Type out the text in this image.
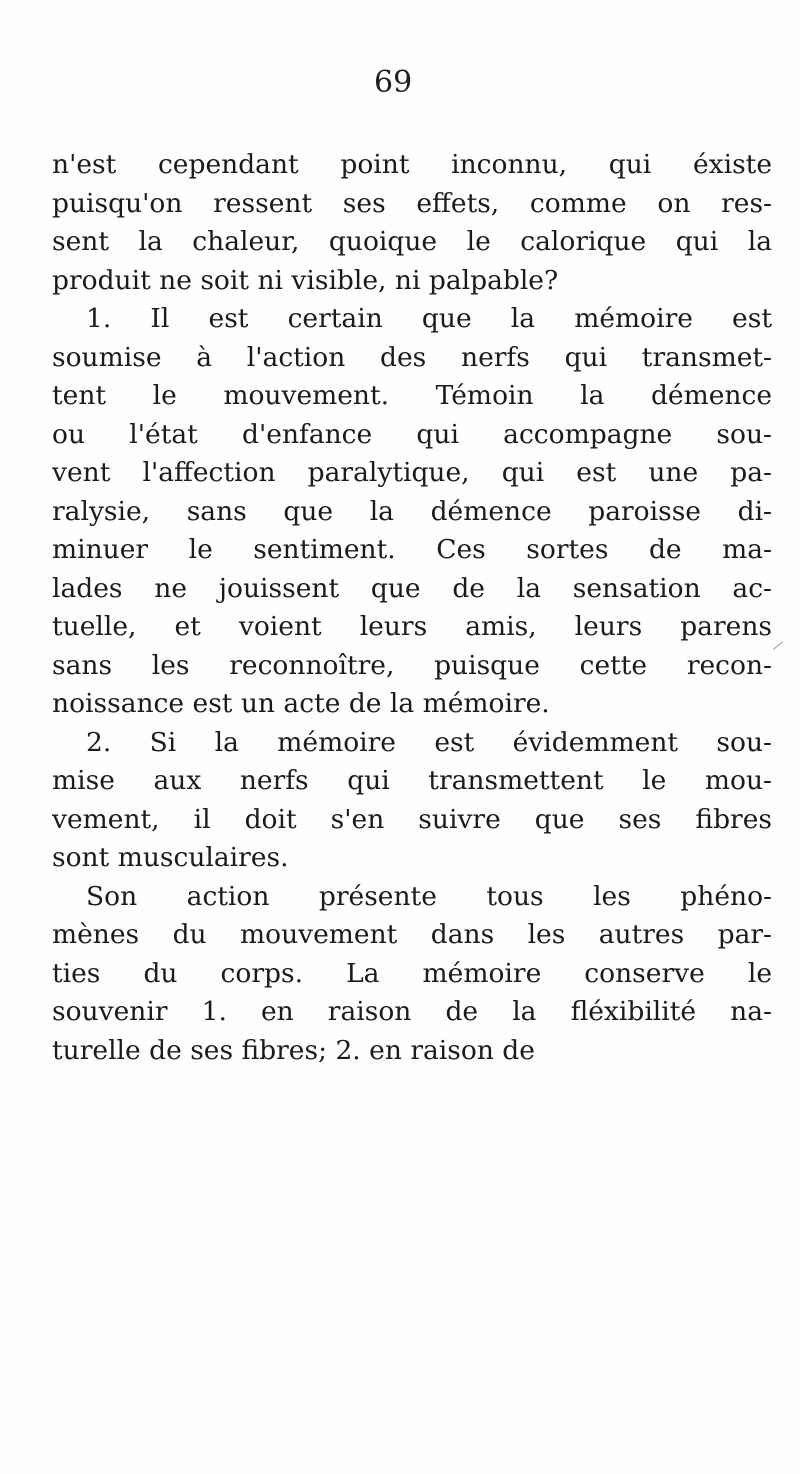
69
n'est cependant point inconnu, qui éxiste
puisqu'on ressent ses effets, comme on res-
sent la chaleur, quoique le calorique qui la
produit ne soit ni visible, ni palpable?
1. Il est certain que la mémoire est
soumise à l'action des nerfs qui transmet-
tent le mouvement. Témoin la démence
ou l'état d'enfance qui accompagne sou-
vent l'affection paralytique, qui est une pa-
ralysie, sans que la démence paroisse di-
minuer le sentiment. Ces sortes de ma-
lades ne jouissent que de la sensation ac-
tuelle, et voient leurs amis, leurs parens
sans les reconnoître, puisque cette recon-
noissance est un acte de la mémoire.
2. Si la mémoire est évidemment sou-
mise aux nerfs qui transmettent le mou-
vement, il doit s'en suivre que ses fibres
sont musculaires.
Son action présente tous les phéno-
mènes du mouvement dans les autres par-
ties du corps. La mémoire conserve le
souvenir 1. en raison de la fléxibilité na-
turelle de ses fibres; 2. en raison de
